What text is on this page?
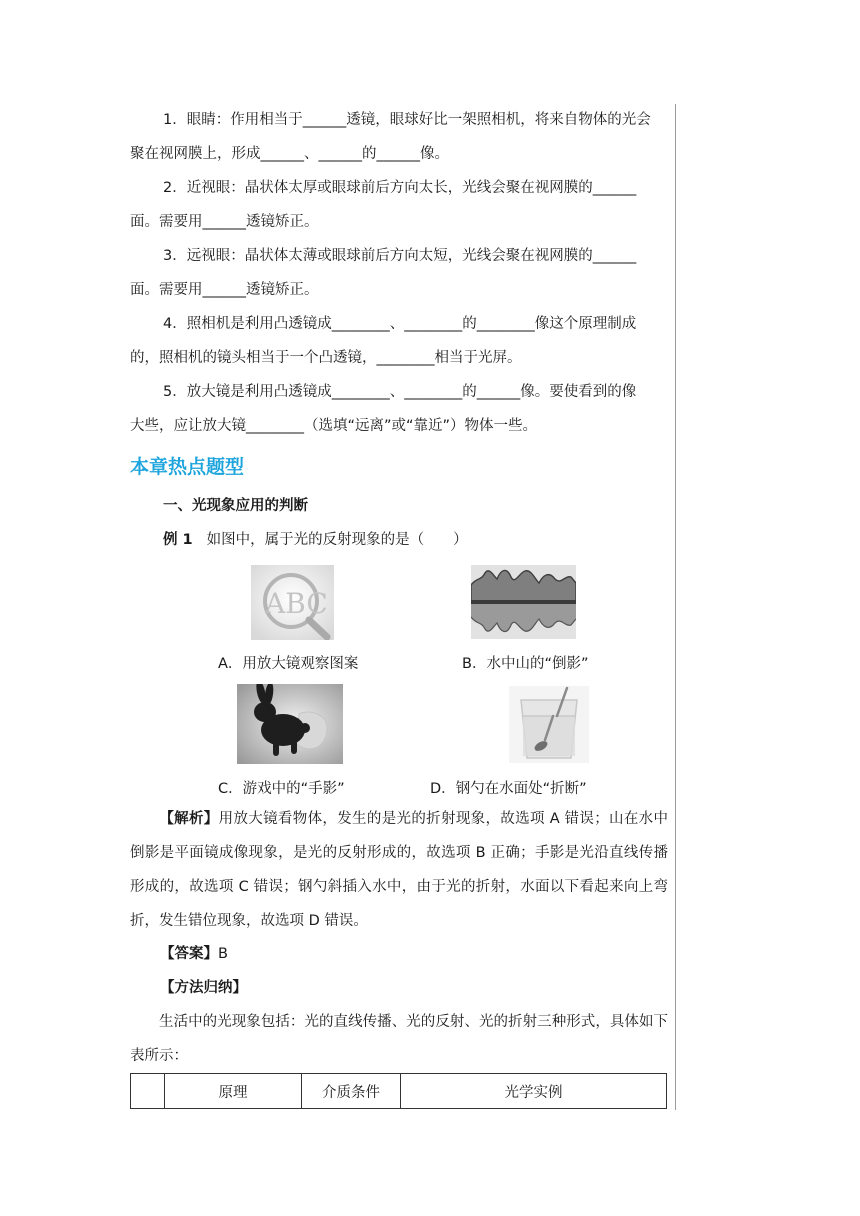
1．眼睛：作用相当于______透镜，眼球好比一架照相机，将来自物体的光会
聚在视网膜上，形成______、______的______像。
2．近视眼：晶状体太厚或眼球前后方向太长，光线会聚在视网膜的______
面。需要用______透镜矫正。
3．远视眼：晶状体太薄或眼球前后方向太短，光线会聚在视网膜的______
面。需要用______透镜矫正。
4．照相机是利用凸透镜成________、________的________像这个原理制成
的，照相机的镜头相当于一个凸透镜，________相当于光屏。
5．放大镜是利用凸透镜成________、________的______像。要使看到的像
大些，应让放大镜________（选填“远离”或“靠近”）物体一些。
本章热点题型
一、光现象应用的判断
例 1 如图中，属于光的反射现象的是（　　）
ABC
A．用放大镜观察图案	B．水中山的“倒影”
C．游戏中的“手影”	D．钢勺在水面处“折断”
【解析】用放大镜看物体，发生的是光的折射现象，故选项 A 错误；山在水中倒影是平面镜成像现象，是光的反射形成的，故选项 B 正确；手影是光沿直线传播形成的，故选项 C 错误；钢勺斜插入水中，由于光的折射，水面以下看起来向上弯折，发生错位现象，故选项 D 错误。
【答案】B
【方法归纳】
生活中的光现象包括：光的直线传播、光的反射、光的折射三种形式，具体如下表所示：
	原理	介质条件	光学实例
